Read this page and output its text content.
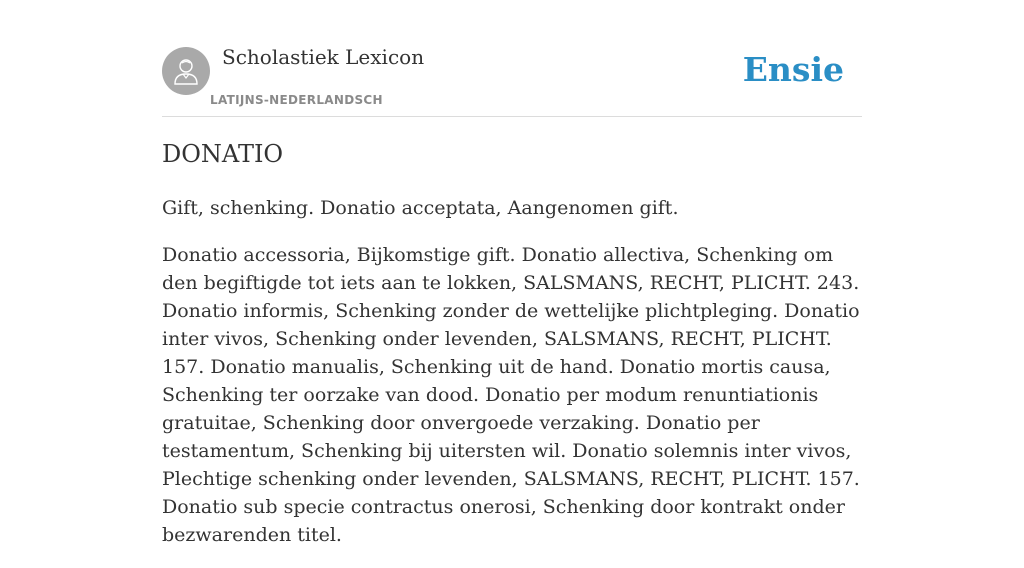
Scholastiek Lexicon
LATIJNS-NEDERLANDSCH
Ensie
DONATIO

Gift, schenking. Donatio acceptata, Aangenomen gift.

Donatio accessoria, Bijkomstige gift. Donatio allectiva, Schenking om den begiftigde tot iets aan te lokken, SALSMANS, RECHT, PLICHT. 243. Donatio informis, Schenking zonder de wettelijke plichtpleging. Donatio inter vivos, Schenking onder levenden, SALSMANS, RECHT, PLICHT. 157. Donatio manualis, Schenking uit de hand. Donatio mortis causa, Schenking ter oorzake van dood. Donatio per modum renuntiationis gratuitae, Schenking door onvergoede verzaking. Donatio per testamentum, Schenking bij uitersten wil. Donatio solemnis inter vivos, Plechtige schenking onder levenden, SALSMANS, RECHT, PLICHT. 157. Donatio sub specie contractus onerosi, Schenking door kontrakt onder bezwarenden titel.
